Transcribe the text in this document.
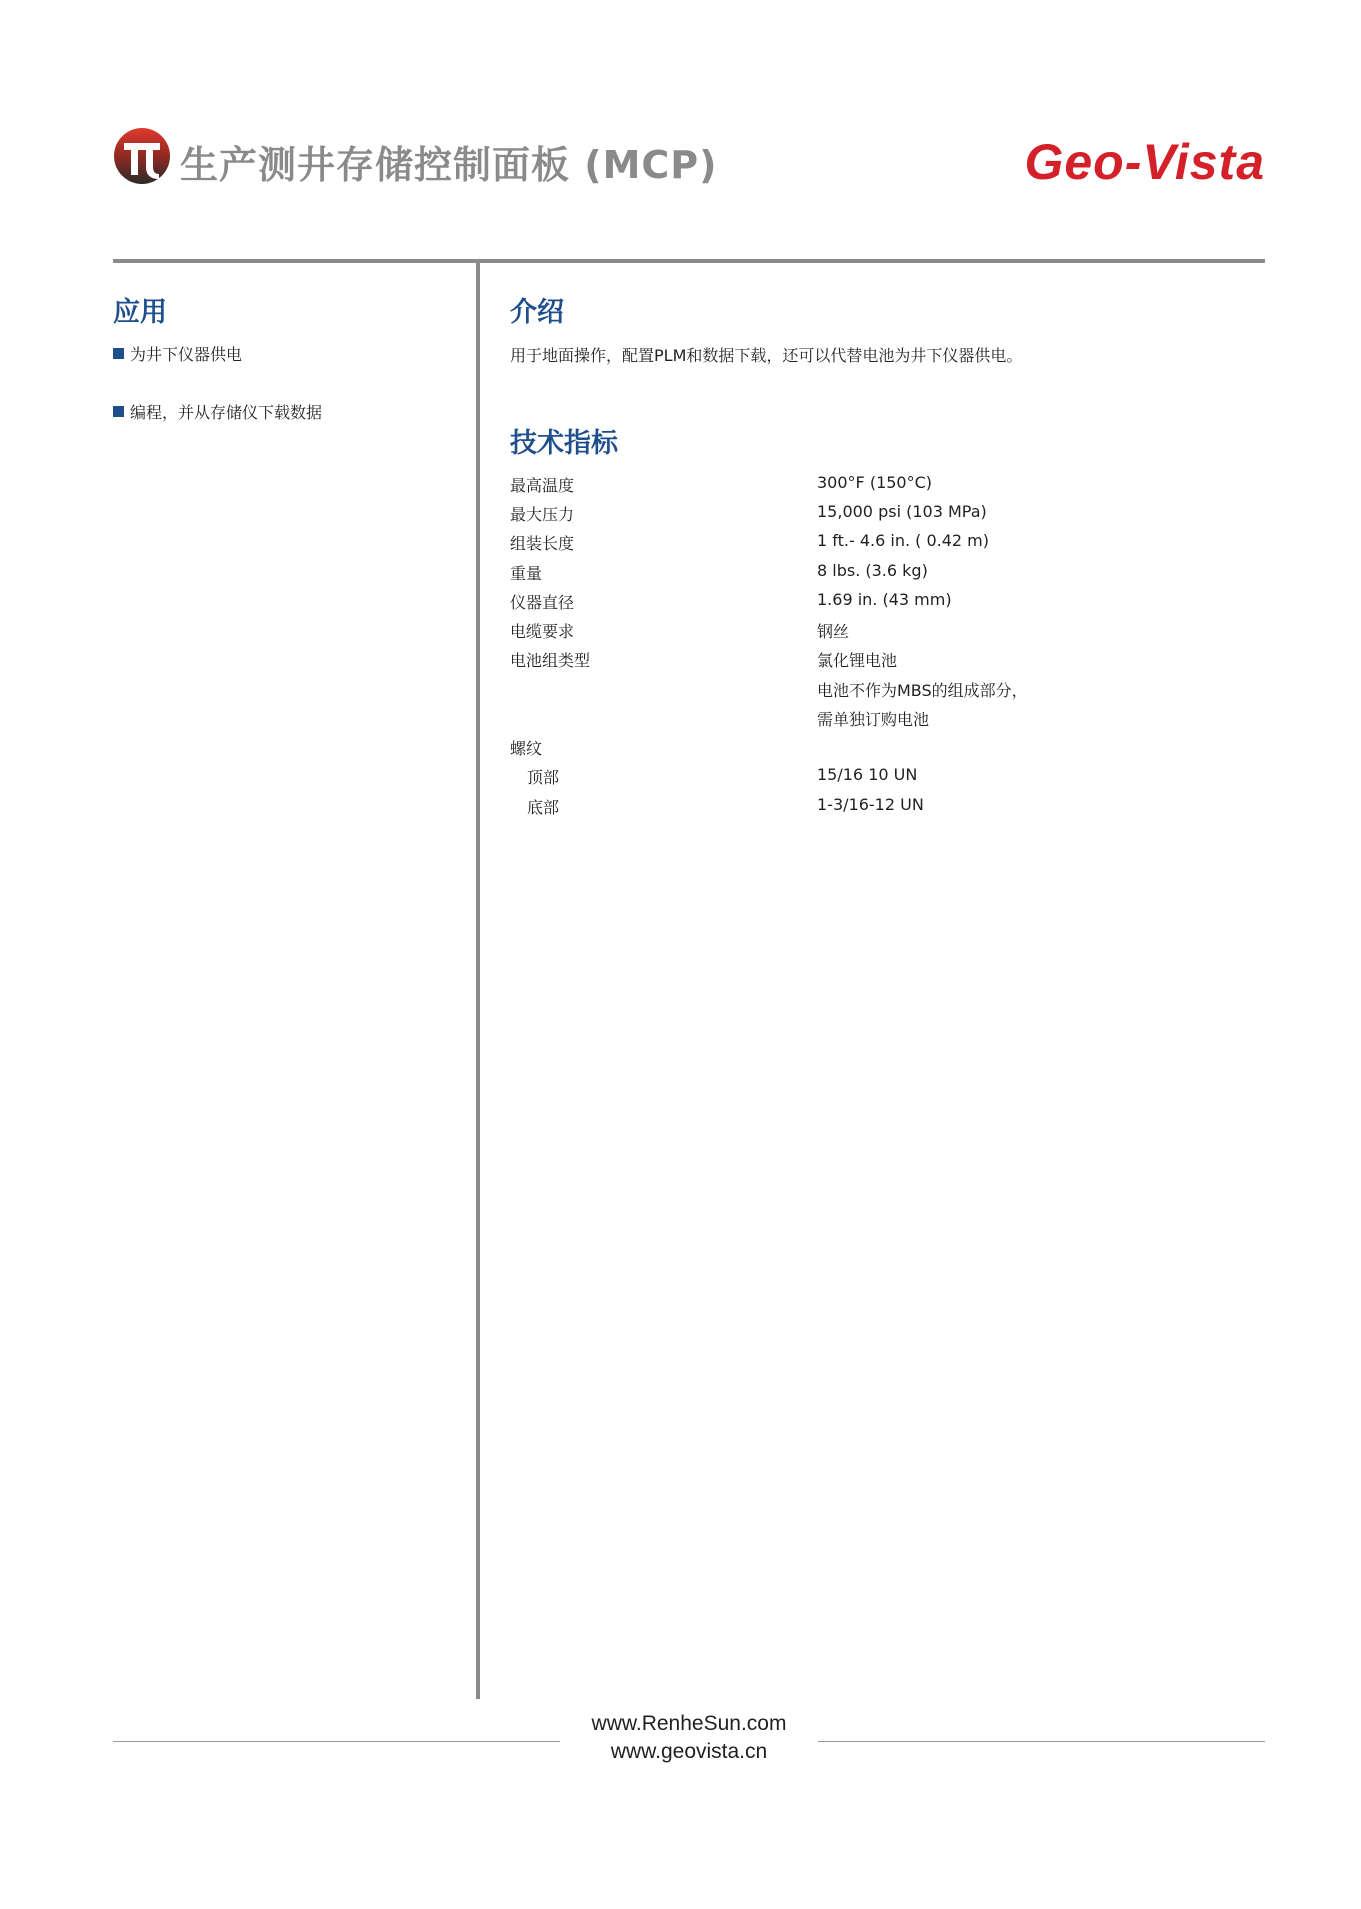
生产测井存储控制面板 (MCP)	Geo-Vista
应用
为井下仪器供电
编程，并从存储仪下载数据
介绍
用于地面操作，配置PLM和数据下载，还可以代替电池为井下仪器供电。
技术指标
最高温度	300°F (150°C)
最大压力	15,000 psi (103 MPa)
组装长度	1 ft.- 4.6 in. ( 0.42 m)
重量	8 lbs. (3.6 kg)
仪器直径	1.69 in. (43 mm)
电缆要求	钢丝
电池组类型	氯化锂电池
电池不作为MBS的组成部分，
需单独订购电池
螺纹
顶部	15/16 10 UN
底部	1-3/16-12 UN
www.RenheSun.com
www.geovista.cn
